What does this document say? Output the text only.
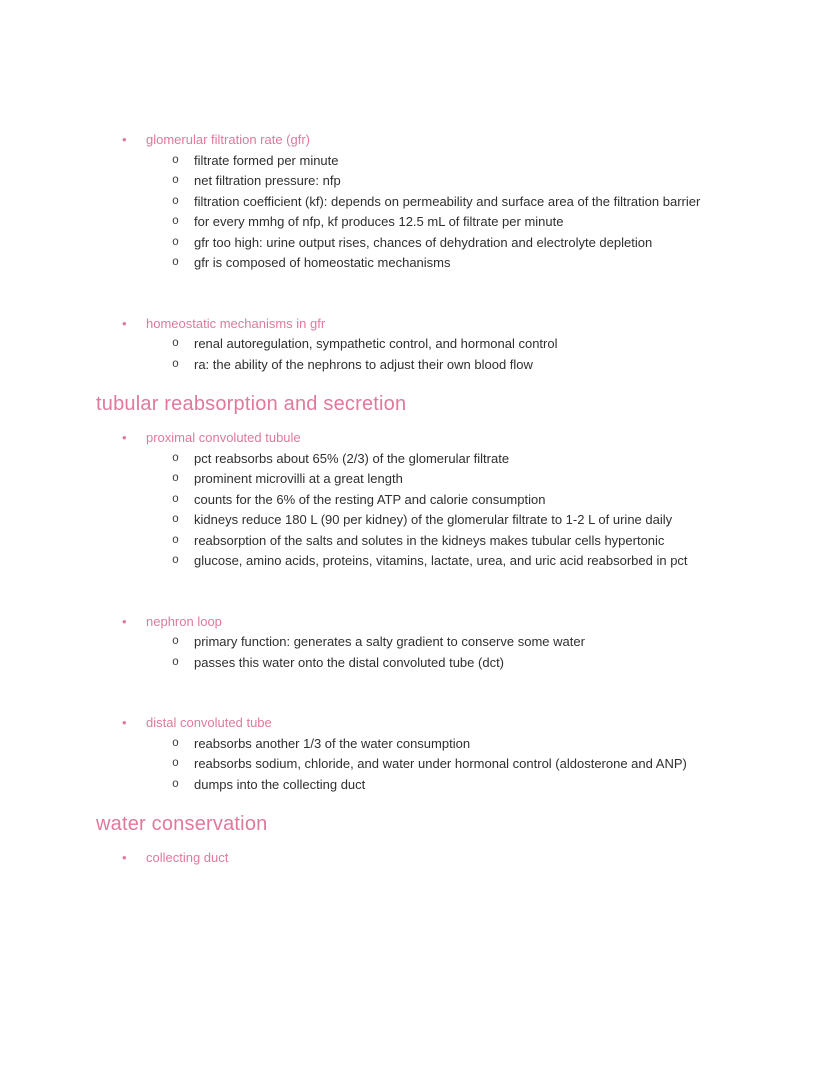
•	glomerular filtration rate (gfr)
o	filtrate formed per minute
o	net filtration pressure: nfp
o	filtration coefficient (kf): depends on permeability and surface area of the filtration barrier
o	for every mmhg of nfp, kf produces 12.5 mL of filtrate per minute
o	gfr too high: urine output rises, chances of dehydration and electrolyte depletion
o	gfr is composed of homeostatic mechanisms
•	homeostatic mechanisms in gfr
o	renal autoregulation, sympathetic control, and hormonal control
o	ra: the ability of the nephrons to adjust their own blood flow
tubular reabsorption and secretion
•	proximal convoluted tubule
o	pct reabsorbs about 65% (2/3) of the glomerular filtrate
o	prominent microvilli at a great length
o	counts for the 6% of the resting ATP and calorie consumption
o	kidneys reduce 180 L (90 per kidney) of the glomerular filtrate to 1-2 L of urine daily
o	reabsorption of the salts and solutes in the kidneys makes tubular cells hypertonic
o	glucose, amino acids, proteins, vitamins, lactate, urea, and uric acid reabsorbed in pct
•	nephron loop
o	primary function: generates a salty gradient to conserve some water
o	passes this water onto the distal convoluted tube (dct)
•	distal convoluted tube
o	reabsorbs another 1/3 of the water consumption
o	reabsorbs sodium, chloride, and water under hormonal control (aldosterone and ANP)
o	dumps into the collecting duct
water conservation
•	collecting duct
